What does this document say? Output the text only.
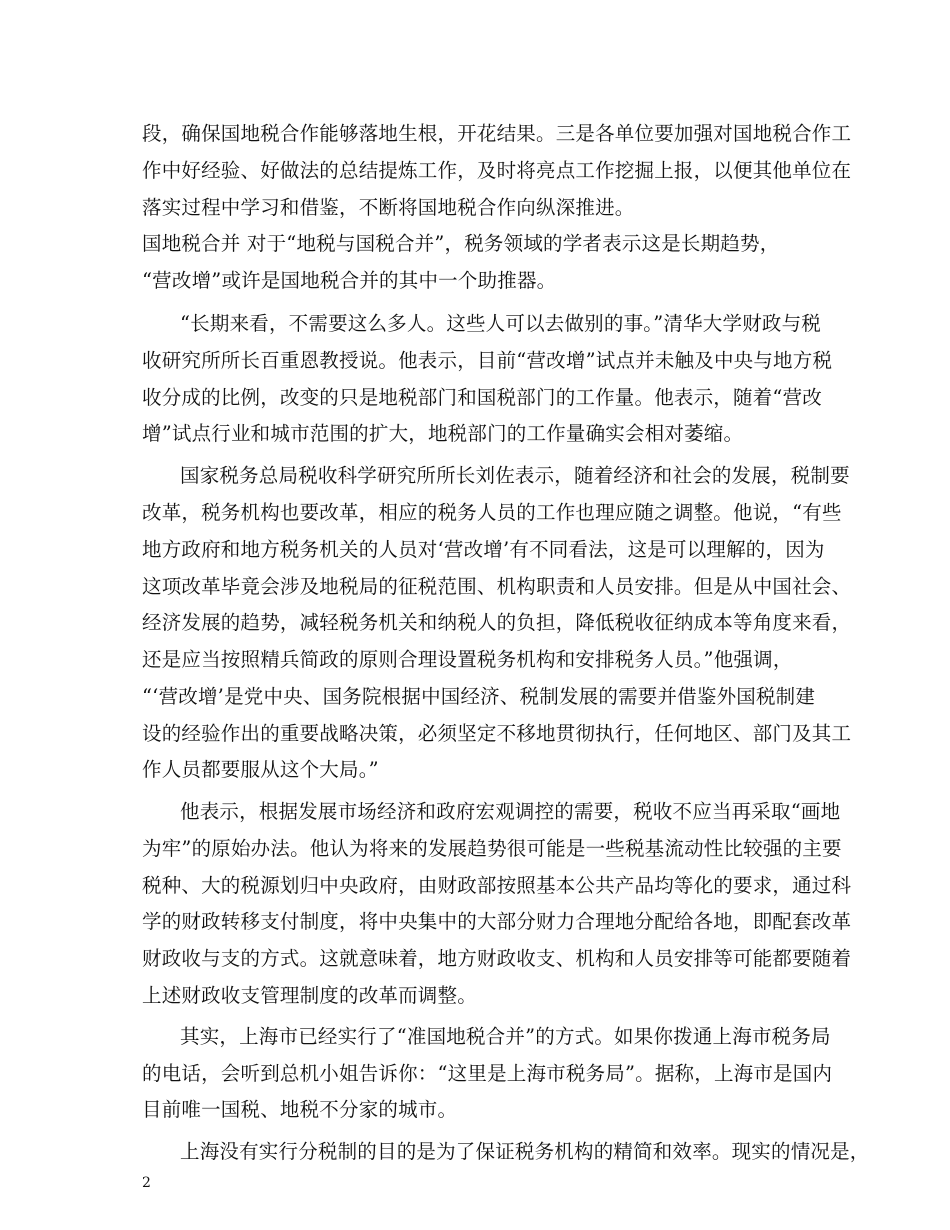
段，确保国地税合作能够落地生根，开花结果。三是各单位要加强对国地税合作工
作中好经验、好做法的总结提炼工作，及时将亮点工作挖掘上报，以便其他单位在
落实过程中学习和借鉴，不断将国地税合作向纵深推进。
国地税合并 对于“地税与国税合并”，税务领域的学者表示这是长期趋势，
“营改增”或许是国地税合并的其中一个助推器。
“长期来看，不需要这么多人。这些人可以去做别的事。”清华大学财政与税
收研究所所长百重恩教授说。他表示，目前“营改增”试点并未触及中央与地方税
收分成的比例，改变的只是地税部门和国税部门的工作量。他表示，随着“营改
增”试点行业和城市范围的扩大，地税部门的工作量确实会相对萎缩。
国家税务总局税收科学研究所所长刘佐表示，随着经济和社会的发展，税制要
改革，税务机构也要改革，相应的税务人员的工作也理应随之调整。他说，“有些
地方政府和地方税务机关的人员对‘营改增’有不同看法，这是可以理解的，因为
这项改革毕竟会涉及地税局的征税范围、机构职责和人员安排。但是从中国社会、
经济发展的趋势，减轻税务机关和纳税人的负担，降低税收征纳成本等角度来看，
还是应当按照精兵简政的原则合理设置税务机构和安排税务人员。”他强调，
“‘营改增’是党中央、国务院根据中国经济、税制发展的需要并借鉴外国税制建
设的经验作出的重要战略决策，必须坚定不移地贯彻执行，任何地区、部门及其工
作人员都要服从这个大局。”
他表示，根据发展市场经济和政府宏观调控的需要，税收不应当再采取“画地
为牢”的原始办法。他认为将来的发展趋势很可能是一些税基流动性比较强的主要
税种、大的税源划归中央政府，由财政部按照基本公共产品均等化的要求，通过科
学的财政转移支付制度，将中央集中的大部分财力合理地分配给各地，即配套改革
财政收与支的方式。这就意味着，地方财政收支、机构和人员安排等可能都要随着
上述财政收支管理制度的改革而调整。
其实，上海市已经实行了“准国地税合并”的方式。如果你拨通上海市税务局
的电话，会听到总机小姐告诉你：“这里是上海市税务局”。据称，上海市是国内
目前唯一国税、地税不分家的城市。
上海没有实行分税制的目的是为了保证税务机构的精简和效率。现实的情况是，
2
